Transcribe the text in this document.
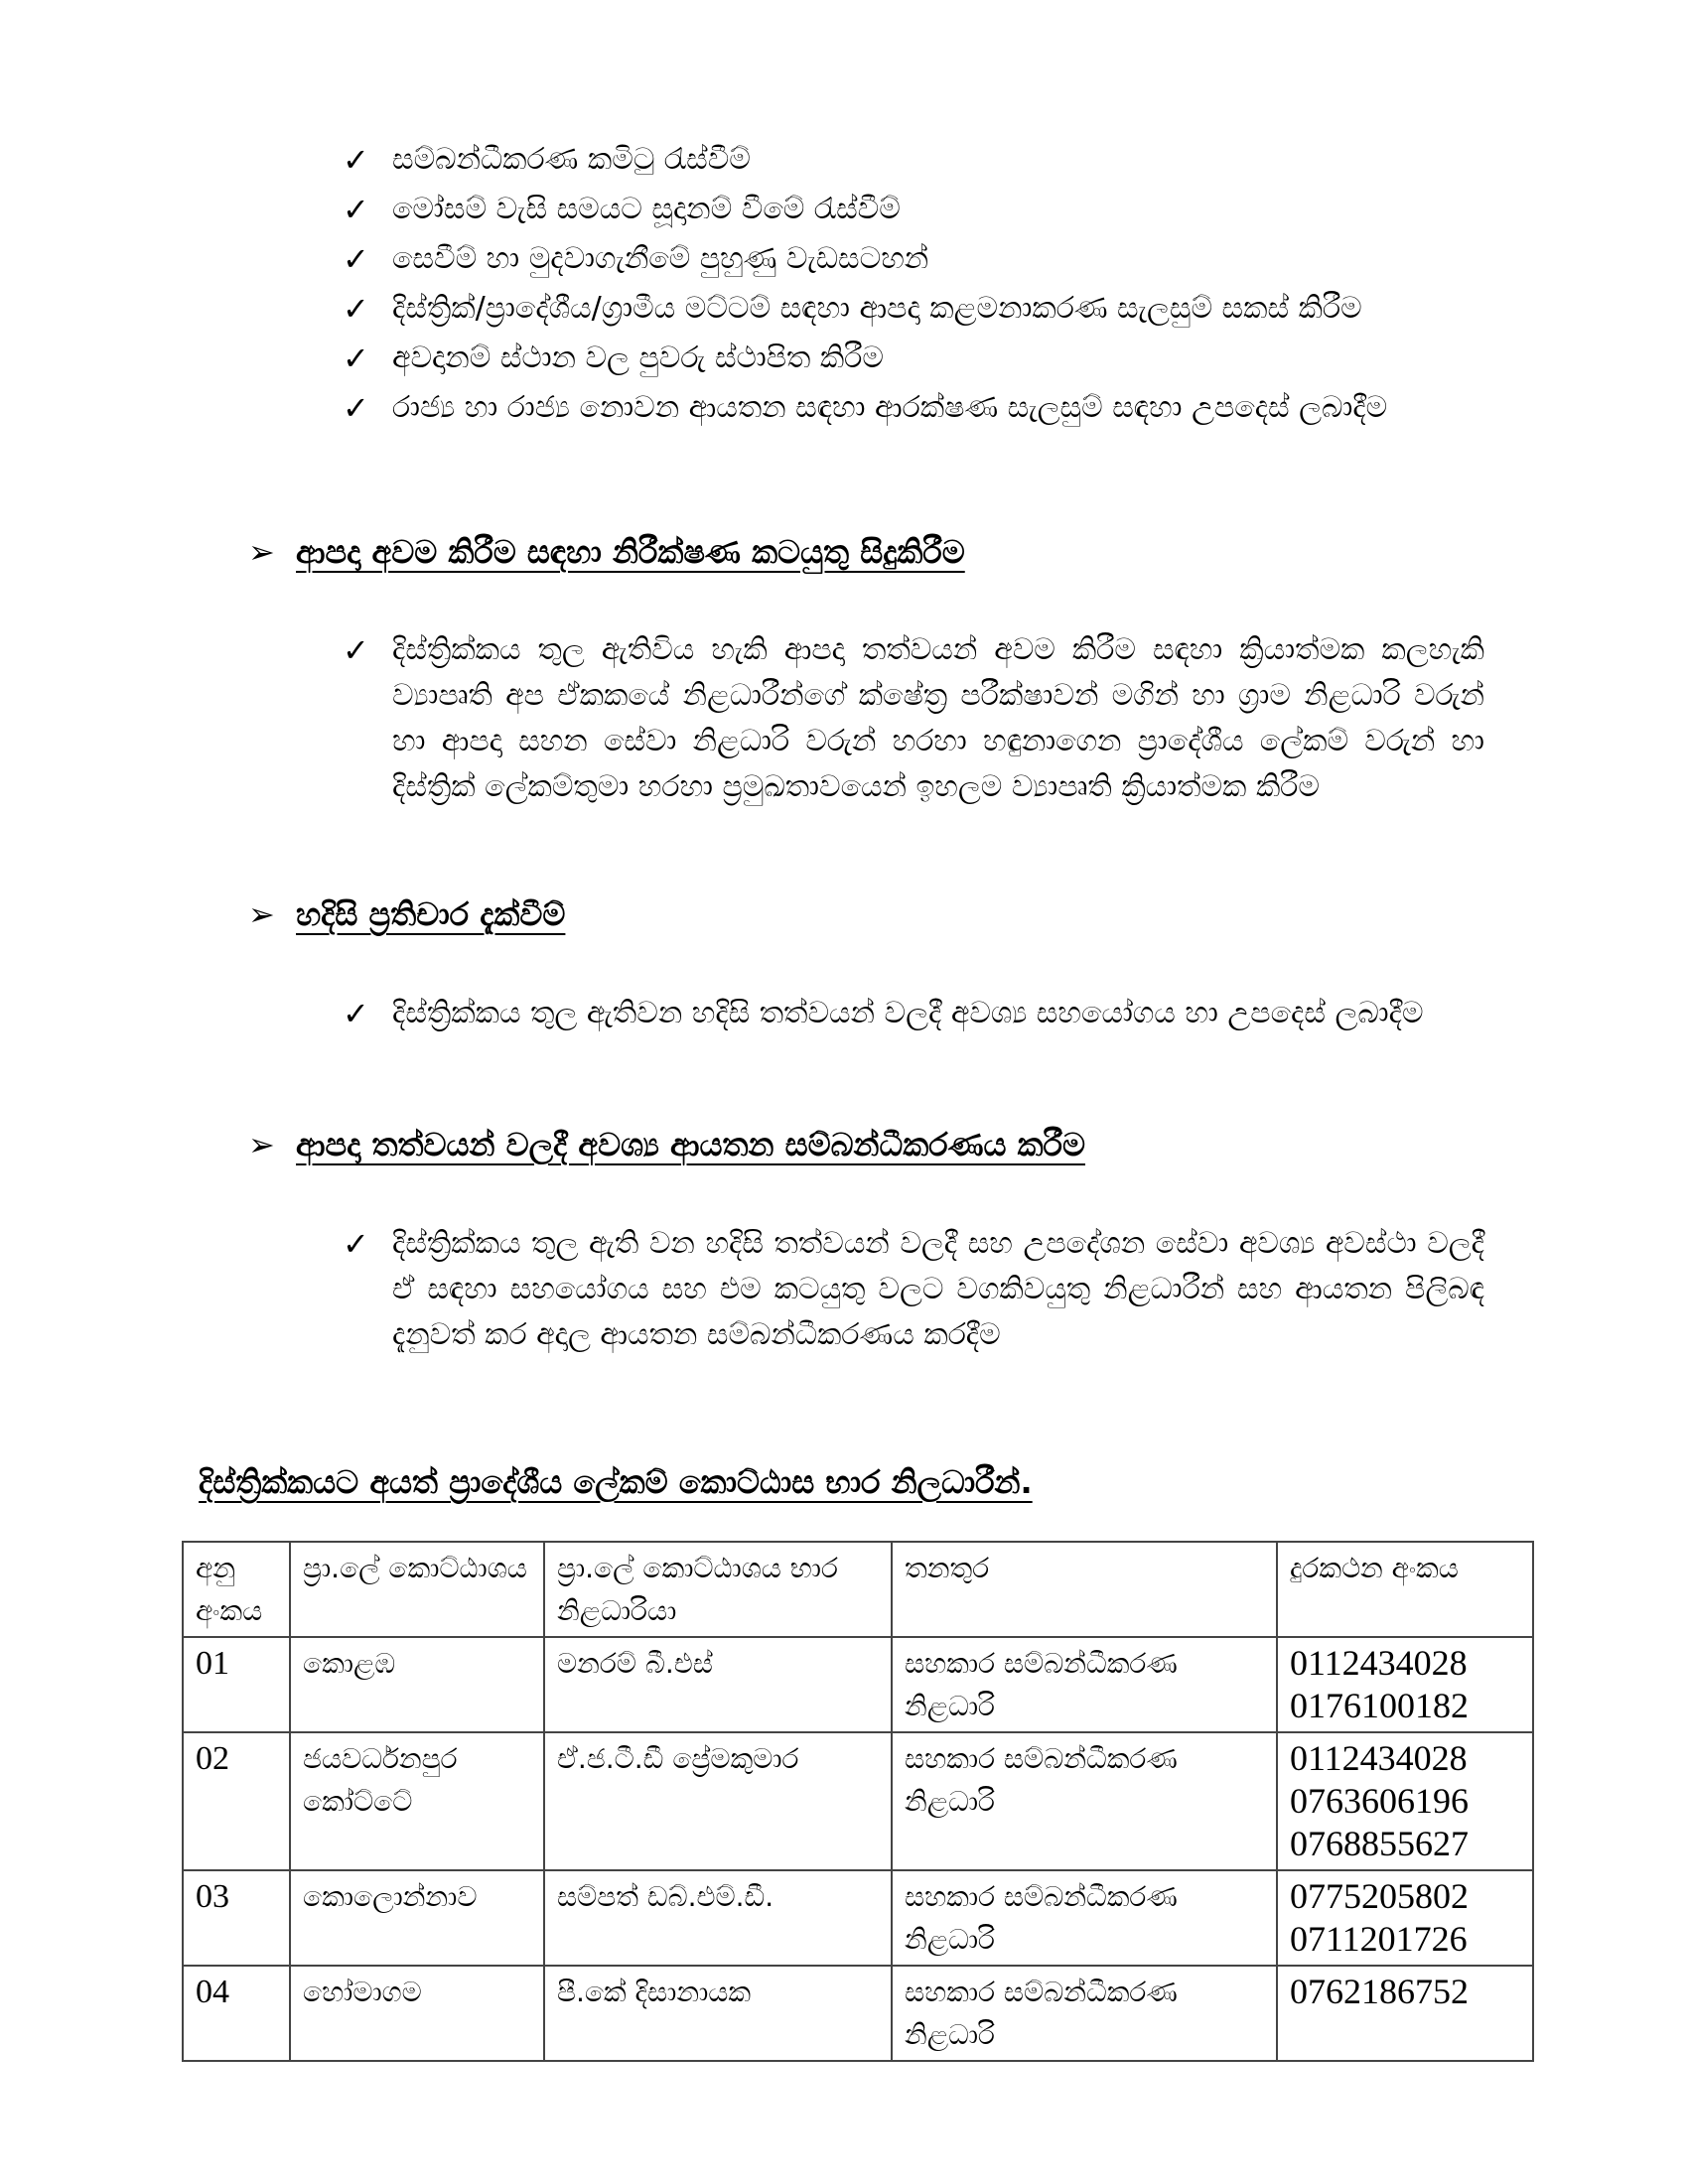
✓ සම්බන්ධීකරණ කමිටු රැස්වීම්
✓ මෝසම් වැසි සමයට සූදානම් වීමේ රැස්වීම්
✓ සෙවීම් හා මුදවාගැනීමේ පුහුණු වැඩසටහන්
✓ දිස්ත්‍රික්/ප්‍රාදේශීය/ග්‍රාමීය මට්ටම් සඳහා ආපදා කළමනාකරණ සැලසුම් සකස් කිරීම
✓ අවදානම් ස්ථාන වල පුවරු ස්ථාපිත කිරීම
✓ රාජ්‍ය හා රාජ්‍ය නොවන ආයතන සඳහා ආරක්ෂණ සැලසුම් සඳහා උපදෙස් ලබාදීම
➢ ආපදා අවම කිරීම සඳහා නිරීක්ෂණ කටයුතු සිදුකිරීම
✓ දිස්ත්‍රික්කය තුල ඇතිවිය හැකි ආපදා තත්වයන් අවම කිරීම සඳහා ක්‍රියාත්මක කලහැකි ව්‍යාපෘති අප ඒකකයේ නිළධාරීන්ගේ ක්ෂේත්‍ර පරීක්ෂාවන් මගින් හා ග්‍රාම නිළධාරි වරුන් හා ආපදා සහන සේවා නිළධාරි වරුන් හරහා හඳුනාගෙන ප්‍රාදේශීය ලේකම් වරුන් හා දිස්ත්‍රික් ලේකම්තුමා හරහා ප්‍රමුඛතාවයෙන් ඉහලම ව්‍යාපෘති ක්‍රියාත්මක කිරීම
➢ හදිසි ප්‍රතිචාර දැක්වීම්
✓ දිස්ත්‍රික්කය තුල ඇතිවන හදිසි තත්වයන් වලදී අවශ්‍ය සහයෝගය හා උපදෙස් ලබාදීම
➢ ආපදා තත්වයන් වලදී අවශ්‍ය ආයතන සම්බන්ධීකරණය කරීම
✓ දිස්ත්‍රික්කය තුල ඇති වන හදිසි තත්වයන් වලදී සහ උපදේශන සේවා අවශ්‍ය අවස්ථා වලදී ඒ සඳහා සහයෝගය සහ එම කටයුතු වලට වගකිවයුතු නිළධාරීන් සහ ආයතන පිලිබඳ දැනුවත් කර අදාල ආයතන සම්බන්ධීකරණය කරදීම
දිස්ත්‍රික්කයට අයත් ප්‍රාදේශීය ලේකම් කොට්ඨාස භාර නිලධාරීන්.
අනු අංකය	ප්‍රා.ලේ කොට්ඨාශය	ප්‍රා.ලේ කොට්ඨාශය භාර නිළධාරියා	තනතුර	දුරකථන අංකය
01	කොළඹ	මනරම් බී.එස්	සහකාර සම්බන්ධීකරණ නිළධාරි	0112434028
0176100182

02	ජයවර්ධනපුර කෝට්ටේ	ඒ.ජ.ටී.ඩී ප්‍රේමකුමාර	සහකාර සම්බන්ධීකරණ නිළධාරි	0112434028
0763606196
0768855627

03	කොලොන්නාව	සම්පත් ඩබ්.එම්.ඩී.	සහකාර සම්බන්ධීකරණ නිළධාරි	0775205802
0711201726

04	හෝමාගම	පී.කේ දිසානායක	සහකාර සම්බන්ධීකරණ නිළධාරි	0762186752
